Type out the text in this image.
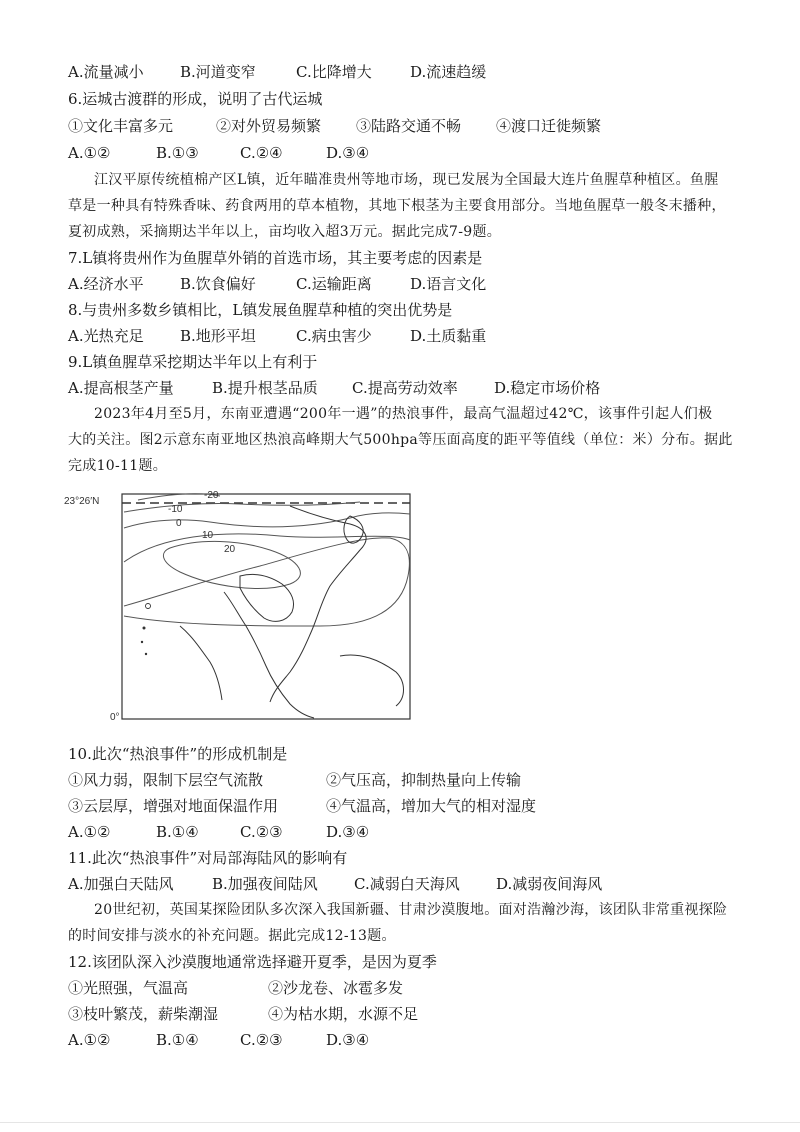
A.流量减小 B.河道变窄	C.比降增大	D.流速趋缓
6.运城古渡群的形成，说明了古代运城
①文化丰富多元	②对外贸易频繁 ③陆路交通不畅 ④渡口迁徙频繁
A.①②	B.①③	C.②④	D.③④
江汉平原传统植棉产区L镇，近年瞄准贵州等地市场，现已发展为全国最大连片鱼腥草种植区。鱼腥
草是一种具有特殊香味、药食两用的草本植物，其地下根茎为主要食用部分。当地鱼腥草一般冬末播种，
夏初成熟，采摘期达半年以上，亩均收入超3万元。据此完成7-9题。
7.L镇将贵州作为鱼腥草外销的首选市场，其主要考虑的因素是
A.经济水平 B.饮食偏好	C.运输距离	D.语言文化
8.与贵州多数乡镇相比，L镇发展鱼腥草种植的突出优势是
A.光热充足 B.地形平坦	C.病虫害少	D.土质黏重
9.L镇鱼腥草采挖期达半年以上有利于
A.提高根茎产量	B.提升根茎品质 C.提高劳动效率 D.稳定市场价格
2023年4月至5月，东南亚遭遇“200年一遇”的热浪事件，最高气温超过42℃，该事件引起人们极
大的关注。图2示意东南亚地区热浪高峰期大气500hpa等压面高度的距平等值线（单位：米）分布。据此
完成10-11题。
23°26′N
0°
-20
-10
0
10
20
10.此次“热浪事件”的形成机制是
①风力弱，限制下层空气流散	②气压高，抑制热量向上传输
③云层厚，增强对地面保温作用	④气温高，增加大气的相对湿度
A.①②	B.①④	C.②③	D.③④
11.此次“热浪事件”对局部海陆风的影响有
A.加强白天陆风	B.加强夜间陆风 C.减弱白天海风 D.减弱夜间海风
20世纪初，英国某探险团队多次深入我国新疆、甘肃沙漠腹地。面对浩瀚沙海，该团队非常重视探险
的时间安排与淡水的补充问题。据此完成12-13题。
12.该团队深入沙漠腹地通常选择避开夏季，是因为夏季
①光照强，气温高	②沙龙卷、冰雹多发
③枝叶繁茂，薪柴潮湿	④为枯水期，水源不足
A.①②	B.①④	C.②③	D.③④
